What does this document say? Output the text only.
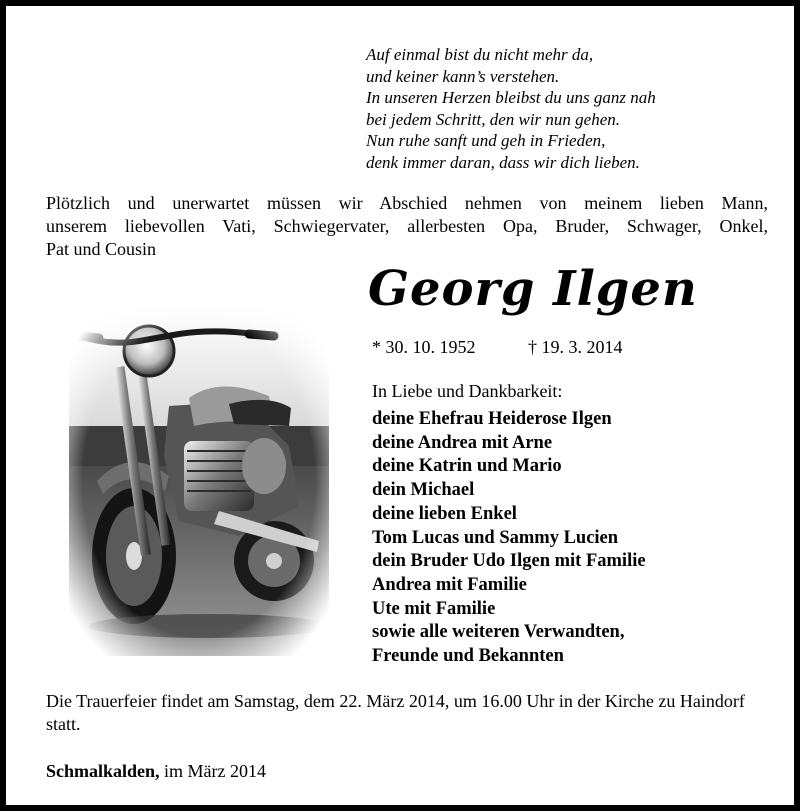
Auf einmal bist du nicht mehr da,
und keiner kann’s verstehen.
In unseren Herzen bleibst du uns ganz nah
bei jedem Schritt, den wir nun gehen.
Nun ruhe sanft und geh in Frieden,
denk immer daran, dass wir dich lieben.
Plötzlich und unerwartet müssen wir Abschied nehmen von meinem lieben Mann,
unserem liebevollen Vati, Schwiegervater, allerbesten Opa, Bruder, Schwager, Onkel,
Pat und Cousin
Georg Ilgen
* 30. 10. 1952	† 19. 3. 2014
In Liebe und Dankbarkeit:
deine Ehefrau Heiderose Ilgen
deine Andrea mit Arne
deine Katrin und Mario
dein Michael
deine lieben Enkel
Tom Lucas und Sammy Lucien
dein Bruder Udo Ilgen mit Familie
Andrea mit Familie
Ute mit Familie
sowie alle weiteren Verwandten,
Freunde und Bekannten
Die Trauerfeier findet am Samstag, dem 22. März 2014, um 16.00 Uhr in der Kirche zu Haindorf statt.
Schmalkalden, im März 2014
